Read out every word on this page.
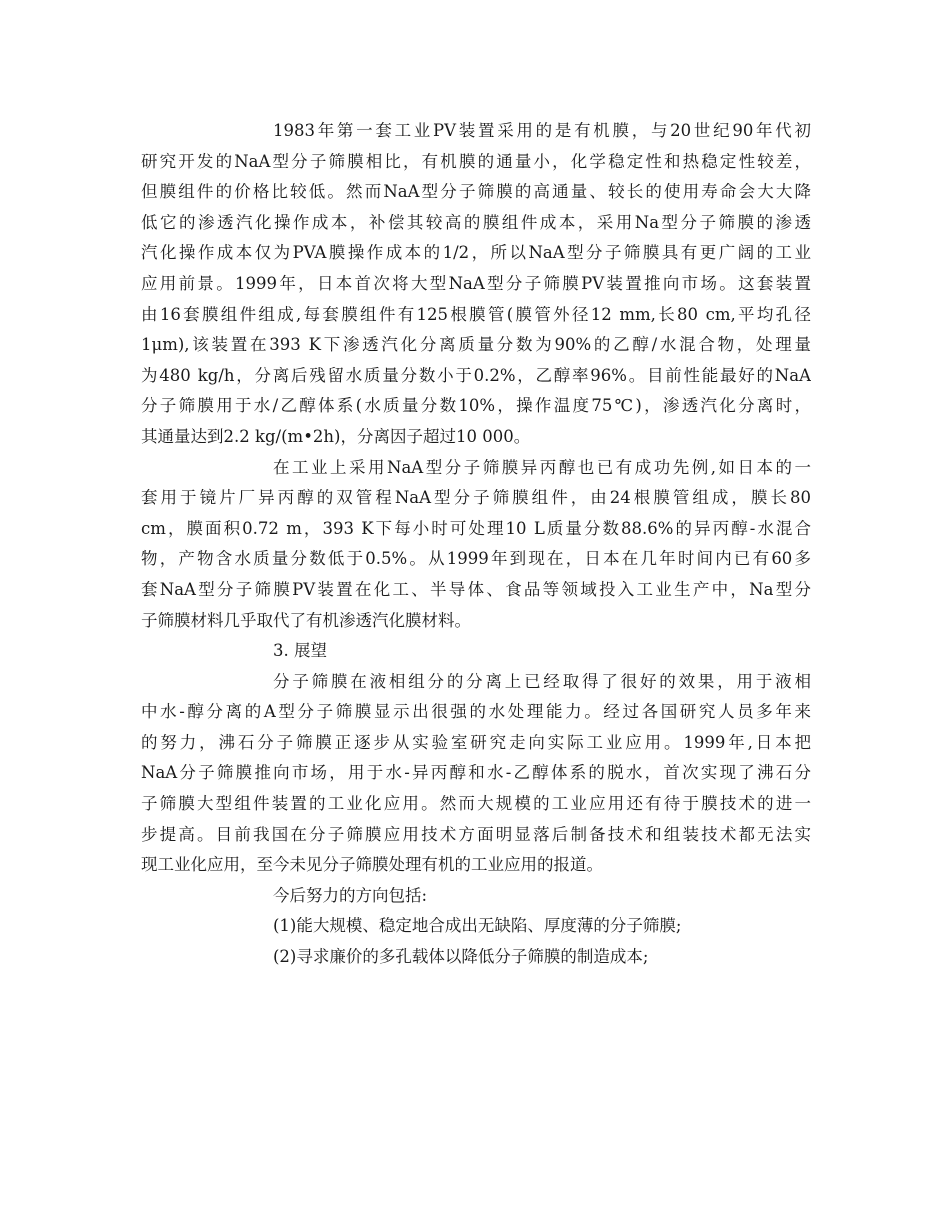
1983年第一套工业PV装置采用的是有机膜，与20世纪90年代初
研究开发的NaA型分子筛膜相比，有机膜的通量小，化学稳定性和热稳定性较差，
但膜组件的价格比较低。然而NaA型分子筛膜的高通量、较长的使用寿命会大大降
低它的渗透汽化操作成本，补偿其较高的膜组件成本，采用Na型分子筛膜的渗透
汽化操作成本仅为PVA膜操作成本的1/2，所以NaA型分子筛膜具有更广阔的工业
应用前景。1999年，日本首次将大型NaA型分子筛膜PV装置推向市场。这套装置
由16套膜组件组成,每套膜组件有125根膜管(膜管外径12 mm,长80 cm,平均孔径
1μm),该装置在393 K下渗透汽化分离质量分数为90%的乙醇/水混合物，处理量
为480 kg/h，分离后残留水质量分数小于0.2%，乙醇率96%。目前性能最好的NaA
分子筛膜用于水/乙醇体系(水质量分数10%，操作温度75℃)，渗透汽化分离时，
其通量达到2.2 kg/(m•2h)，分离因子超过10 000。
在工业上采用NaA型分子筛膜异丙醇也已有成功先例,如日本的一
套用于镜片厂异丙醇的双管程NaA型分子筛膜组件，由24根膜管组成，膜长80
cm，膜面积0.72 m，393 K下每小时可处理10 L质量分数88.6%的异丙醇-水混合
物，产物含水质量分数低于0.5%。从1999年到现在，日本在几年时间内已有60多
套NaA型分子筛膜PV装置在化工、半导体、食品等领域投入工业生产中，Na型分
子筛膜材料几乎取代了有机渗透汽化膜材料。
3. 展望
分子筛膜在液相组分的分离上已经取得了很好的效果，用于液相
中水-醇分离的A型分子筛膜显示出很强的水处理能力。经过各国研究人员多年来
的努力，沸石分子筛膜正逐步从实验室研究走向实际工业应用。1999年,日本把
NaA分子筛膜推向市场，用于水-异丙醇和水-乙醇体系的脱水，首次实现了沸石分
子筛膜大型组件装置的工业化应用。然而大规模的工业应用还有待于膜技术的进一
步提高。目前我国在分子筛膜应用技术方面明显落后制备技术和组装技术都无法实
现工业化应用，至今未见分子筛膜处理有机的工业应用的报道。
今后努力的方向包括:
(1)能大规模、稳定地合成出无缺陷、厚度薄的分子筛膜;
(2)寻求廉价的多孔载体以降低分子筛膜的制造成本;
